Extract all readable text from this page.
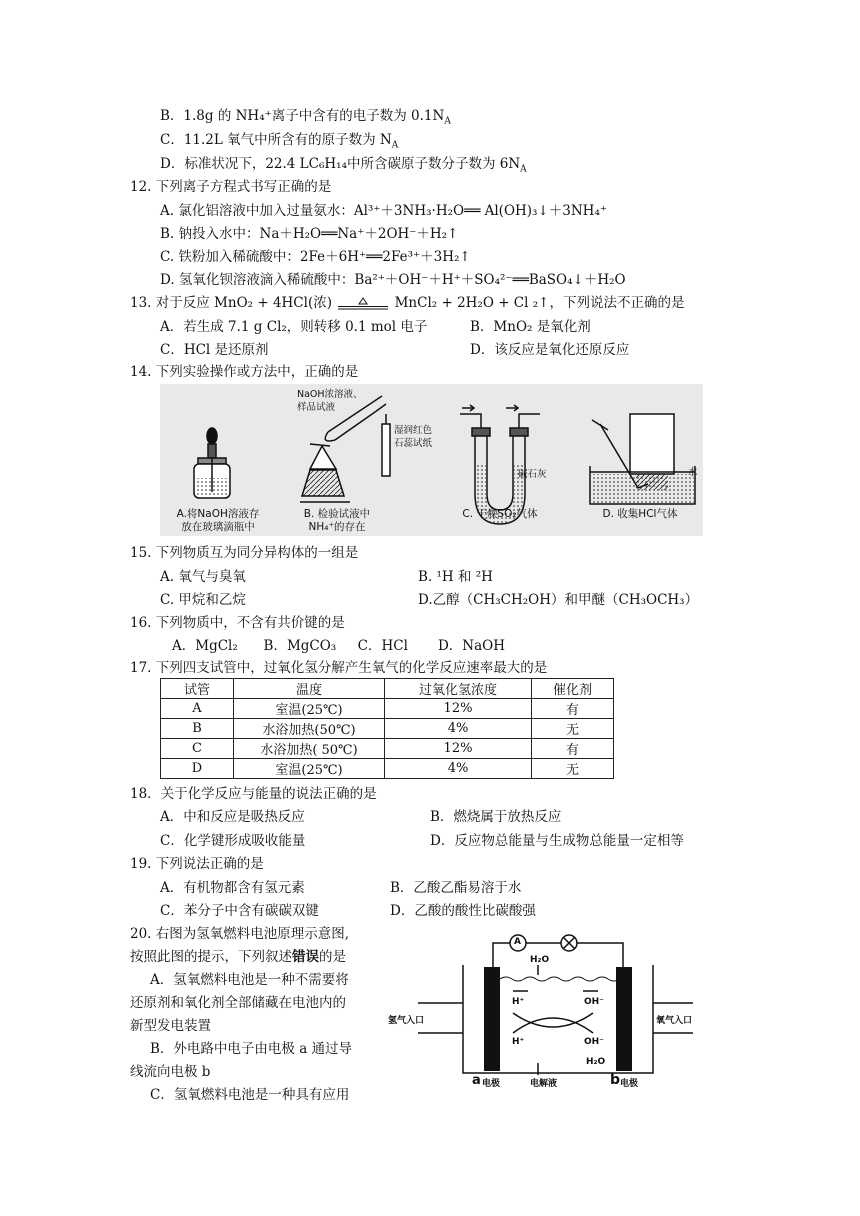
B．1.8g 的 NH₄⁺离子中含有的电子数为 $0.1N_A$
C．11.2L 氧气中所含有的原子数为 $N_A$
D．标准状况下，22.4 LC₆H₁₄中所含碳原子数分子数为 $6N_A$
12. 下列离子方程式书写正确的是
A. 氯化铝溶液中加入过量氨水：Al³⁺＋3NH₃·H₂O══ Al(OH)₃↓＋3NH₄⁺
B. 钠投入水中：Na＋H₂O══Na⁺＋2OH⁻＋H₂↑
C. 铁粉加入稀硫酸中：2Fe＋6H⁺══2Fe³⁺＋3H₂↑
D. 氢氧化钡溶液滴入稀硫酸中：Ba²⁺＋OH⁻＋H⁺＋SO₄²⁻══BaSO₄↓＋H₂O
13. 对于反应 MnO₂ + 4HCl(浓)	MnCl₂ + 2H₂O + Cl ₂↑，下列说法不正确的是
A．若生成 7.1 g Cl₂，则转移 0.1 mol 电子	B．MnO₂ 是氧化剂
C．HCl 是还原剂	D．该反应是氧化还原反应
14. 下列实验操作或方法中，正确的是
NaOH浓溶液、
样品试液
湿润红色
石蕊试纸
碱石灰	水
A.将NaOH溶液存
放在玻璃滴瓶中
B. 检验试液中
NH₄⁺的存在
C. 干燥SO₂气体	D. 收集HCl气体
15. 下列物质互为同分异构体的一组是
A. 氧气与臭氧	B. ¹H 和 ²H
C. 甲烷和乙烷	D.乙醇（CH₃CH₂OH）和甲醚（CH₃OCH₃）
16. 下列物质中，不含有共价键的是
A．MgCl₂      B．MgCO₃     C．HCl       D．NaOH
17. 下列四支试管中，过氧化氢分解产生氧气的化学反应速率最大的是
试管	温度	过氧化氢浓度	催化剂
A	室温(25℃)	12%	有
B	水浴加热(50℃)	4%	无
C	水浴加热( 50℃)	12%	有
D	室温(25℃)	4%	无
18．关于化学反应与能量的说法正确的是
A．中和反应是吸热反应	B．燃烧属于放热反应
C．化学键形成吸收能量	D．反应物总能量与生成物总能量一定相等
19. 下列说法正确的是
A．有机物都含有氢元素	B．乙酸乙酯易溶于水
C．苯分子中含有碳碳双键	D．乙酸的酸性比碳酸强
20. 右图为氢氧燃料电池原理示意图,
按照此图的提示，下列叙述错误的是
A．氢氧燃料电池是一种不需要将
还原剂和氧化剂全部储藏在电池内的
新型发电装置
B．外电路中电子由电极 a 通过导
线流向电极 b
C．氢氧燃料电池是一种具有应用
A
H₂O
H⁺	OH⁻
H⁺	OH⁻
H₂O
氢气入口	氧气入口
a 电极	电解液	b 电极
